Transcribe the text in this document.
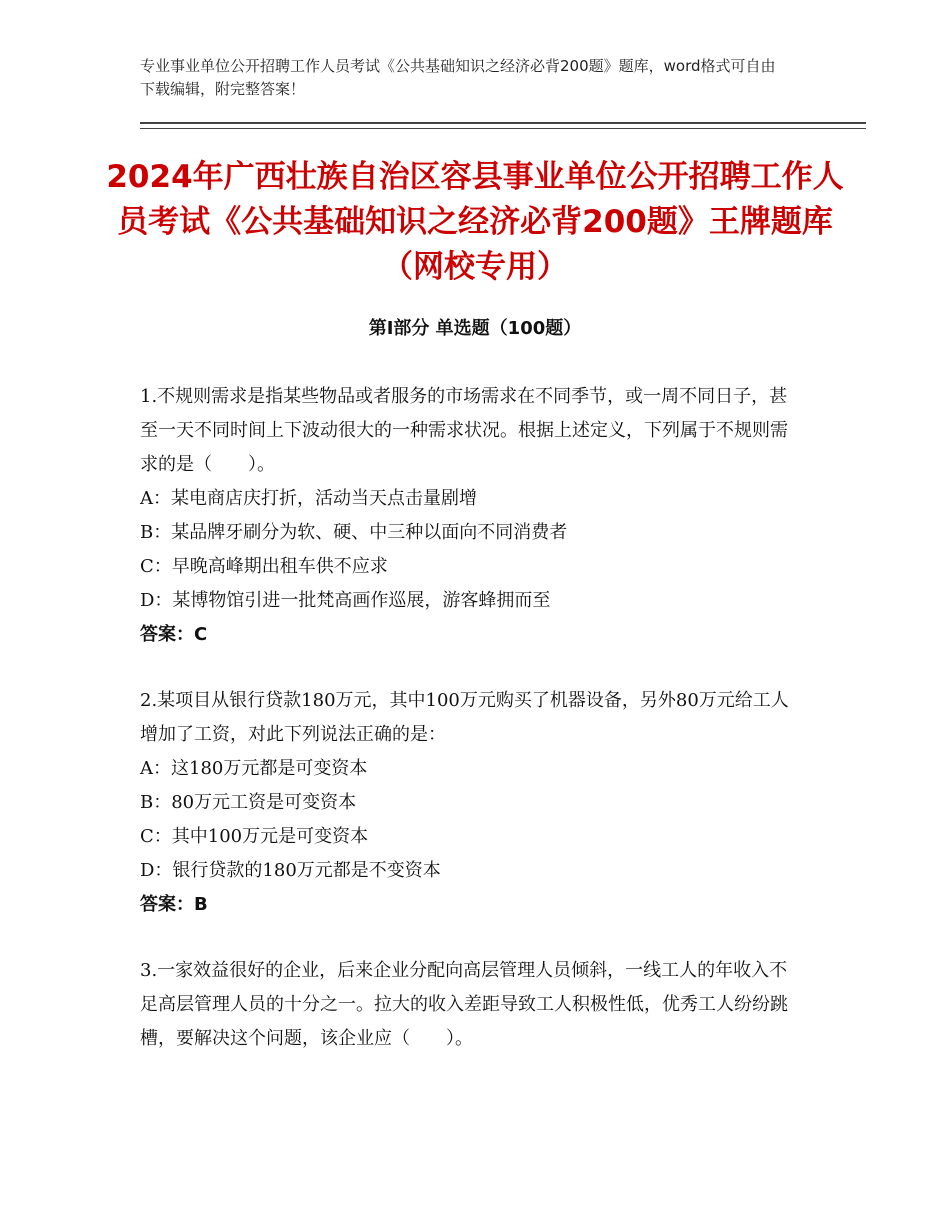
专业事业单位公开招聘工作人员考试《公共基础知识之经济必背200题》题库，word格式可自由下载编辑，附完整答案！
2024年广西壮族自治区容县事业单位公开招聘工作人员考试《公共基础知识之经济必背200题》王牌题库（网校专用）
第Ⅰ部分 单选题（100题）

1.不规则需求是指某些物品或者服务的市场需求在不同季节，或一周不同日子，甚至一天不同时间上下波动很大的一种需求状况。根据上述定义，下列属于不规则需求的是（　　）。

A：某电商店庆打折，活动当天点击量剧增

B：某品牌牙刷分为软、硬、中三种以面向不同消费者

C：早晚高峰期出租车供不应求

D：某博物馆引进一批梵高画作巡展，游客蜂拥而至

答案：C

2.某项目从银行贷款180万元，其中100万元购买了机器设备，另外80万元给工人增加了工资，对此下列说法正确的是：

A：这180万元都是可变资本

B：80万元工资是可变资本

C：其中100万元是可变资本

D：银行贷款的180万元都是不变资本

答案：B

3.一家效益很好的企业，后来企业分配向高层管理人员倾斜，一线工人的年收入不足高层管理人员的十分之一。拉大的收入差距导致工人积极性低，优秀工人纷纷跳槽，要解决这个问题，该企业应（　　）。
